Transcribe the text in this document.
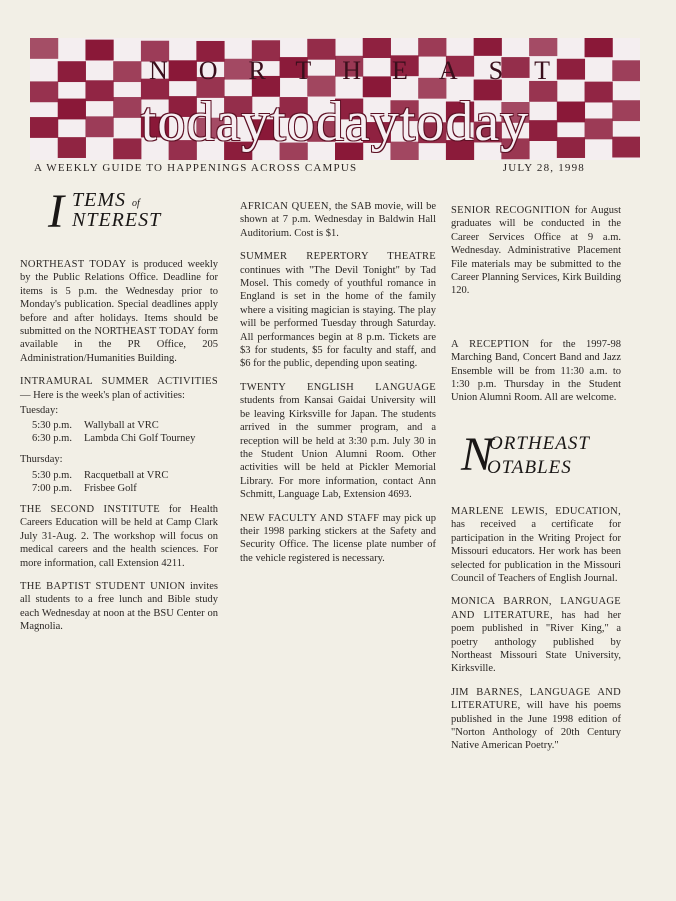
NORTHEAST
todaytodaytoday
A WEEKLY GUIDE TO HAPPENINGS ACROSS CAMPUS	JULY 28, 1998
I TEMS of
NTEREST

NORTHEAST TODAY is produced weekly by the Public Relations Office. Deadline for items is 5 p.m. the Wednesday prior to Monday's publication. Special deadlines apply before and after holidays. Items should be submitted on the NORTHEAST TODAY form available in the PR Office, 205 Administration/Humanities Building.

INTRAMURAL SUMMER ACTIVITIES — Here is the week's plan of activities:

Tuesday:
5:30 p.m.	Wallyball at VRC
6:30 p.m.	Lambda Chi Golf Tourney
Thursday:
5:30 p.m.	Racquetball at VRC
7:00 p.m.	Frisbee Golf

THE SECOND INSTITUTE for Health Careers Education will be held at Camp Clark July 31-Aug. 2. The workshop will focus on medical careers and the health sciences. For more information, call Extension 4211.

THE BAPTIST STUDENT UNION invites all students to a free lunch and Bible study each Wednesday at noon at the BSU Center on Magnolia.

AFRICAN QUEEN, the SAB movie, will be shown at 7 p.m. Wednesday in Baldwin Hall Auditorium. Cost is $1.

SUMMER REPERTORY THEATRE continues with "The Devil Tonight" by Tad Mosel. This comedy of youthful romance in England is set in the home of the family where a visiting magician is staying. The play will be performed Tuesday through Saturday. All performances begin at 8 p.m. Tickets are $3 for students, $5 for faculty and staff, and $6 for the public, depending upon seating.

TWENTY ENGLISH LANGUAGE students from Kansai Gaidai University will be leaving Kirksville for Japan. The students arrived in the summer program, and a reception will be held at 3:30 p.m. July 30 in the Student Union Alumni Room. Other activities will be held at Pickler Memorial Library. For more information, contact Ann Schmitt, Language Lab, Extension 4693.

NEW FACULTY AND STAFF may pick up their 1998 parking stickers at the Safety and Security Office. The license plate number of the vehicle registered is necessary.

SENIOR RECOGNITION for August graduates will be conducted in the Career Services Office at 9 a.m. Wednesday. Administrative Placement File materials may be submitted to the Career Planning Services, Kirk Building 120.

A RECEPTION for the 1997-98 Marching Band, Concert Band and Jazz Ensemble will be from 11:30 a.m. to 1:30 p.m. Thursday in the Student Union Alumni Room. All are welcome.

N
ORTHEAST
OTABLES

MARLENE LEWIS, EDUCATION, has received a certificate for participation in the Writing Project for Missouri educators. Her work has been selected for publication in the Missouri Council of Teachers of English Journal.

MONICA BARRON, LANGUAGE AND LITERATURE, has had her poem published in "River King," a poetry anthology published by Northeast Missouri State University, Kirksville.

JIM BARNES, LANGUAGE AND LITERATURE, will have his poems published in the June 1998 edition of "Norton Anthology of 20th Century Native American Poetry."
